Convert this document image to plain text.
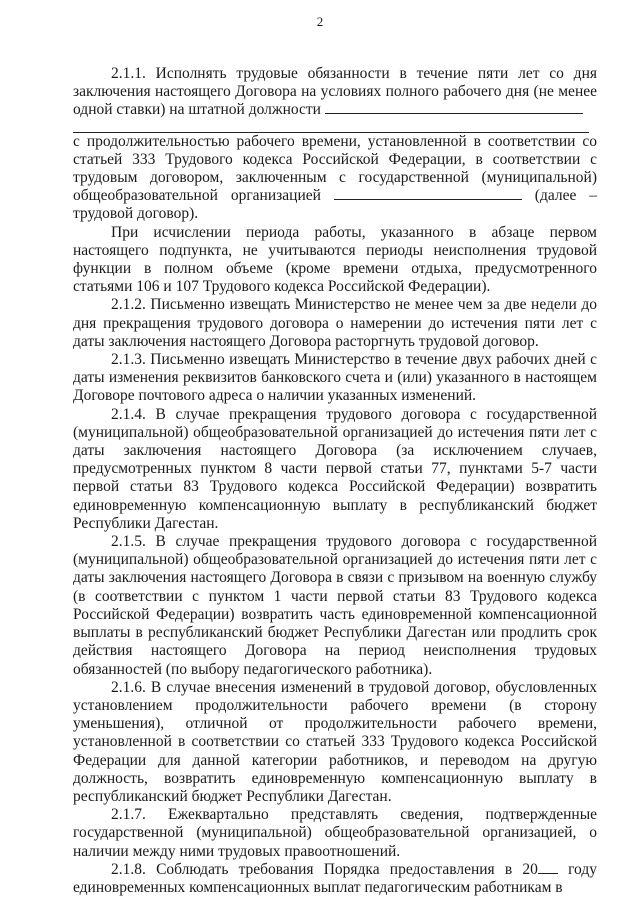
2

2.1.1. Исполнять трудовые обязанности в течение пяти лет со дня заключения настоящего Договора на условиях полного рабочего дня (не менее одной ставки) на штатной должности
с продолжительностью рабочего времени, установленной в соответствии со статьей 333 Трудового кодекса Российской Федерации, в соответствии с трудовым договором, заключенным с государственной (муниципальной) общеобразовательной организацией	(далее – трудовой договор).

При исчислении периода работы, указанного в абзаце первом настоящего подпункта, не учитываются периоды неисполнения трудовой функции в полном объеме (кроме времени отдыха, предусмотренного статьями 106 и 107 Трудового кодекса Российской Федерации).

2.1.2. Письменно извещать Министерство не менее чем за две недели до дня прекращения трудового договора о намерении до истечения пяти лет с даты заключения настоящего Договора расторгнуть трудовой договор.

2.1.3. Письменно извещать Министерство в течение двух рабочих дней с даты изменения реквизитов банковского счета и (или) указанного в настоящем Договоре почтового адреса о наличии указанных изменений.

2.1.4. В случае прекращения трудового договора с государственной (муниципальной) общеобразовательной организацией до истечения пяти лет с даты заключения настоящего Договора (за исключением случаев, предусмотренных пунктом 8 части первой статьи 77, пунктами 5-7 части первой статьи 83 Трудового кодекса Российской Федерации) возвратить единовременную компенсационную выплату в республиканский бюджет Республики Дагестан.

2.1.5. В случае прекращения трудового договора с государственной (муниципальной) общеобразовательной организацией до истечения пяти лет с даты заключения настоящего Договора в связи с призывом на военную службу (в соответствии с пунктом 1 части первой статьи 83 Трудового кодекса Российской Федерации) возвратить часть единовременной компенсационной выплаты в республиканский бюджет Республики Дагестан или продлить срок действия настоящего Договора на период неисполнения трудовых обязанностей (по выбору педагогического работника).

2.1.6. В случае внесения изменений в трудовой договор, обусловленных установлением продолжительности рабочего времени (в сторону уменьшения), отличной от продолжительности рабочего времени, установленной в соответствии со статьей 333 Трудового кодекса Российской Федерации для данной категории работников, и переводом на другую должность, возвратить единовременную компенсационную выплату в республиканский бюджет Республики Дагестан.

2.1.7. Ежеквартально представлять сведения, подтвержденные государственной (муниципальной) общеобразовательной организацией, о наличии между ними трудовых правоотношений.

2.1.8. Соблюдать требования Порядка предоставления в 20 году единовременных компенсационных выплат педагогическим работникам в
